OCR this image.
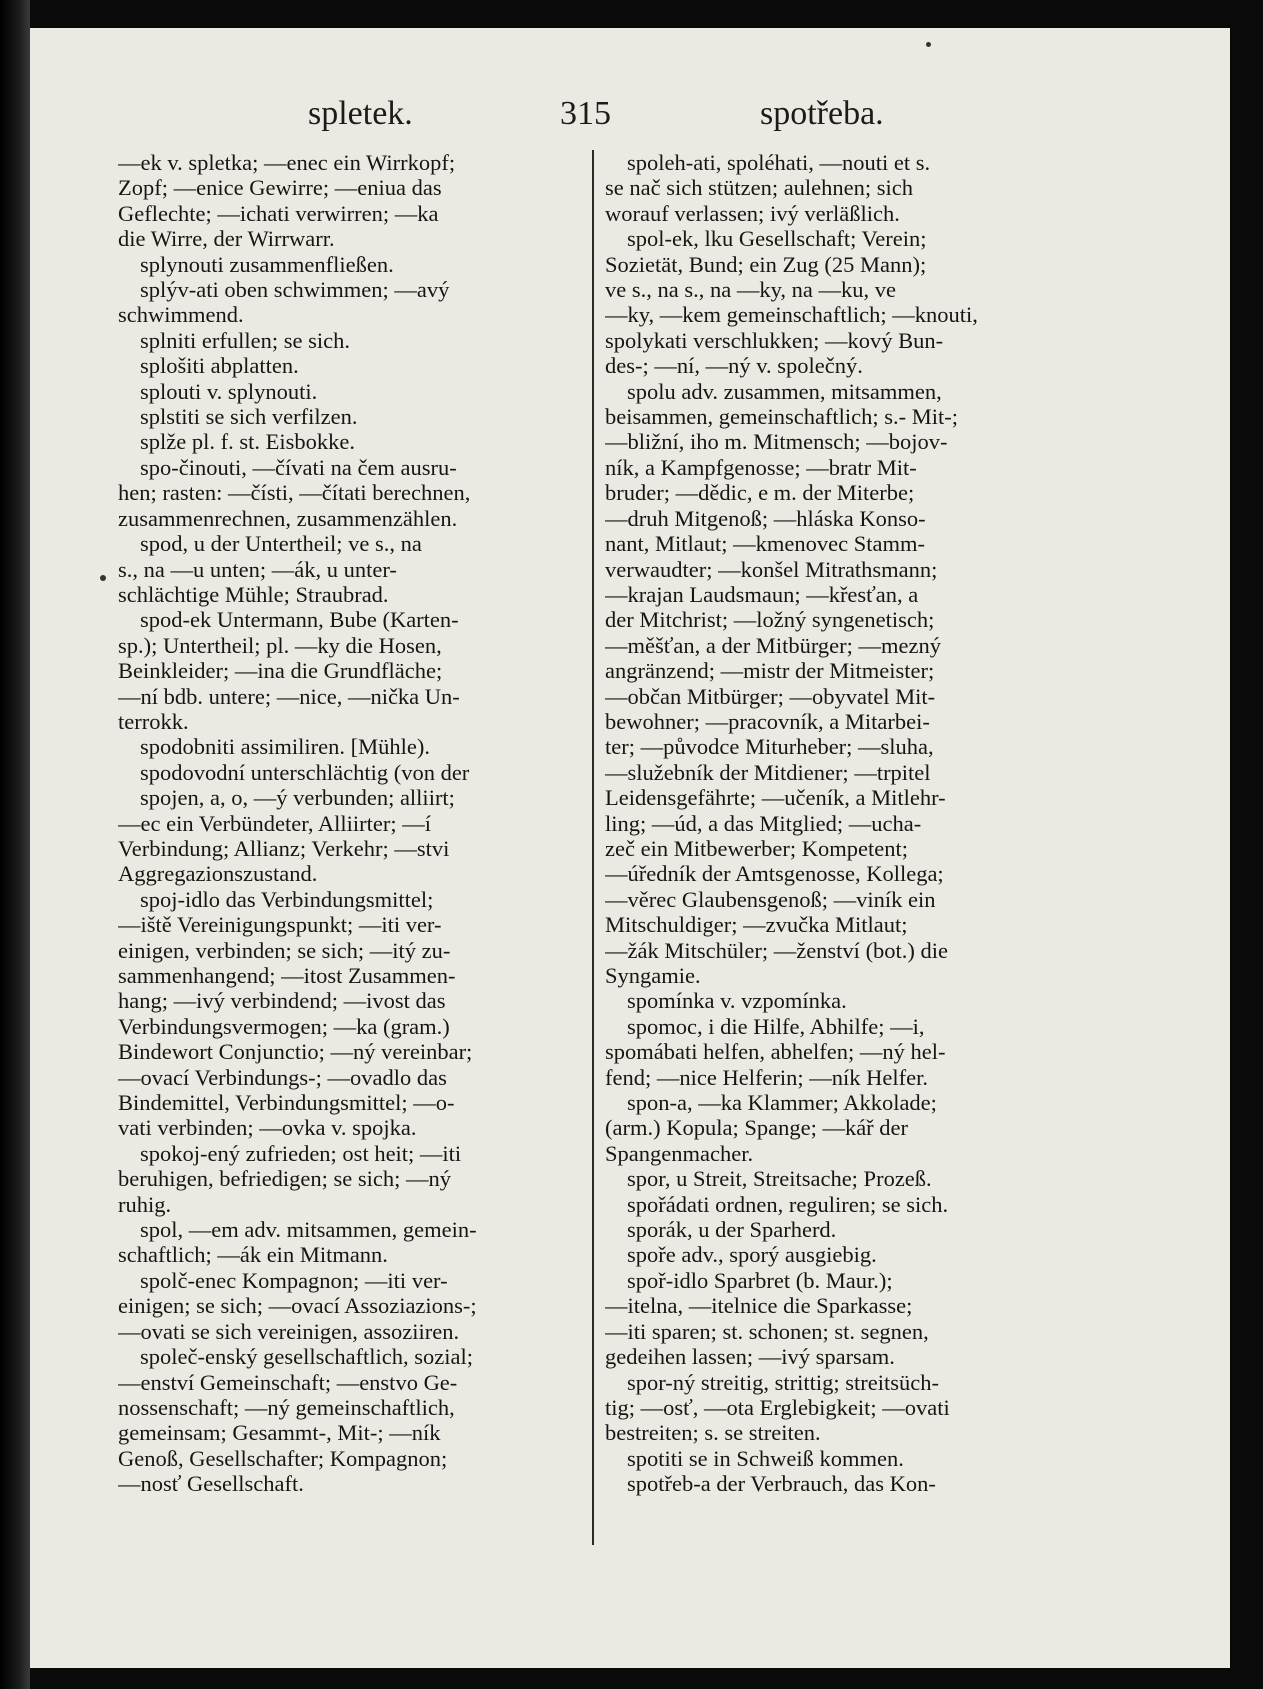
spletek.	315	spotřeba.
—ek v. spletka; —enec ein Wirrkopf;
Zopf; —enice Gewirre; —eniua das
Geflechte; —ichati verwirren; —ka
die Wirre, der Wirrwarr.
splynouti zusammenfließen.
splýv-ati oben schwimmen; —avý
schwimmend.
splniti erfullen; se sich.
splošiti abplatten.
splouti v. splynouti.
splstiti se sich verfilzen.
splže pl. f. st. Eisbokke.
spo-činouti, —čívati na čem ausru-
hen; rasten: —čísti, —čítati berechnen,
zusammenrechnen, zusammenzählen.
spod, u der Untertheil; ve s., na
s., na —u unten; —ák, u unter-
schlächtige Mühle; Straubrad.
spod-ek Untermann, Bube (Karten-
sp.); Untertheil; pl. —ky die Hosen,
Beinkleider; —ina die Grundfläche;
—ní bdb. untere; —nice, —nička Un-
terrokk.
spodobniti assimiliren. [Mühle).
spodovodní unterschlächtig (von der
spojen, a, o, —ý verbunden; alliirt;
—ec ein Verbündeter, Alliirter; —í
Verbindung; Allianz; Verkehr; —stvi
Aggregazionszustand.
spoj-idlo das Verbindungsmittel;
—iště Vereinigungspunkt; —iti ver-
einigen, verbinden; se sich; —itý zu-
sammenhangend; —itost Zusammen-
hang; —ivý verbindend; —ivost das
Verbindungsvermogen; —ka (gram.)
Bindewort Conjunctio; —ný vereinbar;
—ovací Verbindungs-; —ovadlo das
Bindemittel, Verbindungsmittel; —o-
vati verbinden; —ovka v. spojka.
spokoj-ený zufrieden; ost heit; —iti
beruhigen, befriedigen; se sich; —ný
ruhig.
spol, —em adv. mitsammen, gemein-
schaftlich; —ák ein Mitmann.
spolč-enec Kompagnon; —iti ver-
einigen; se sich; —ovací Assoziazions-;
—ovati se sich vereinigen, assoziiren.
společ-enský gesellschaftlich, sozial;
—enství Gemeinschaft; —enstvo Ge-
nossenschaft; —ný gemeinschaftlich,
gemeinsam; Gesammt-, Mit-; —ník
Genoß, Gesellschafter; Kompagnon;
—nosť Gesellschaft.
spoleh-ati, spoléhati, —nouti et s.
se nač sich stützen; aulehnen; sich
worauf verlassen; ivý verläßlich.
spol-ek, lku Gesellschaft; Verein;
Sozietät, Bund; ein Zug (25 Mann);
ve s., na s., na —ky, na —ku, ve
—ky, —kem gemeinschaftlich; —knouti,
spolykati verschlukken; —kový Bun-
des-; —ní, —ný v. společný.
spolu adv. zusammen, mitsammen,
beisammen, gemeinschaftlich; s.- Mit-;
—bližní, iho m. Mitmensch; —bojov-
ník, a Kampfgenosse; —bratr Mit-
bruder; —dědic, e m. der Miterbe;
—druh Mitgenoß; —hláska Konso-
nant, Mitlaut; —kmenovec Stamm-
verwaudter; —konšel Mitrathsmann;
—krajan Laudsmaun; —křesťan, a
der Mitchrist; —ložný syngenetisch;
—měšťan, a der Mitbürger; —mezný
angränzend; —mistr der Mitmeister;
—občan Mitbürger; —obyvatel Mit-
bewohner; —pracovník, a Mitarbei-
ter; —původce Miturheber; —sluha,
—služebník der Mitdiener; —trpitel
Leidensgefährte; —učeník, a Mitlehr-
ling; —úd, a das Mitglied; —ucha-
zeč ein Mitbewerber; Kompetent;
—úředník der Amtsgenosse, Kollega;
—věrec Glaubensgenoß; —viník ein
Mitschuldiger; —zvučka Mitlaut;
—žák Mitschüler; —ženství (bot.) die
Syngamie.
spomínka v. vzpomínka.
spomoc, i die Hilfe, Abhilfe; —i,
spomábati helfen, abhelfen; —ný hel-
fend; —nice Helferin; —ník Helfer.
spon-a, —ka Klammer; Akkolade;
(arm.) Kopula; Spange; —kář der
Spangenmacher.
spor, u Streit, Streitsache; Prozeß.
spořádati ordnen, reguliren; se sich.
sporák, u der Sparherd.
spoře adv., sporý ausgiebig.
spoř-idlo Sparbret (b. Maur.);
—itelna, —itelnice die Sparkasse;
—iti sparen; st. schonen; st. segnen,
gedeihen lassen; —ivý sparsam.
spor-ný streitig, strittig; streitsüch-
tig; —osť, —ota Erglebigkeit; —ovati
bestreiten; s. se streiten.
spotiti se in Schweiß kommen.
spotřeb-a der Verbrauch, das Kon-
